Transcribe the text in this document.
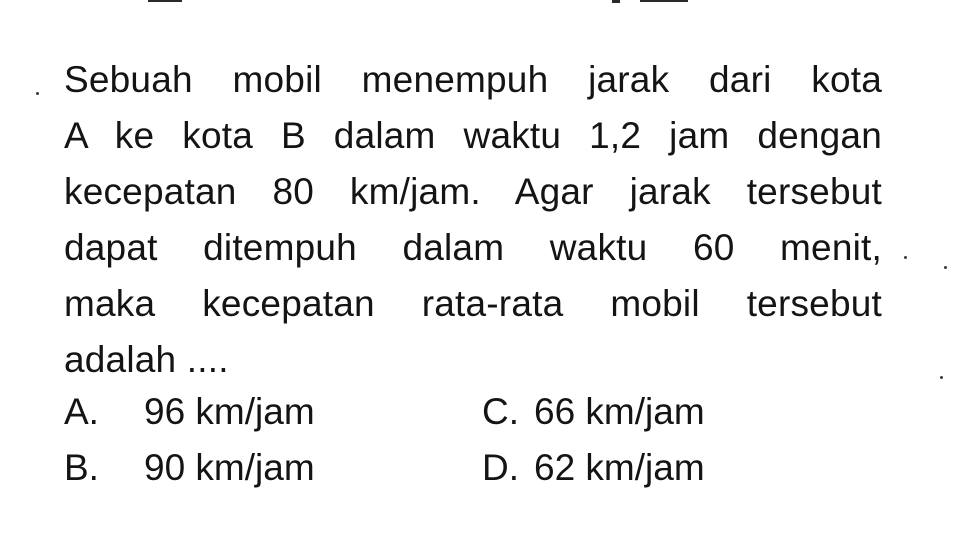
Sebuah mobil menempuh jarak dari kota
A ke kota B dalam waktu 1,2 jam dengan
kecepatan 80 km/jam. Agar jarak tersebut
dapat ditempuh dalam waktu 60 menit,
maka kecepatan rata-rata mobil tersebut
adalah ....
A. 96 km/jam
B. 90 km/jam
C. 66 km/jam
D. 62 km/jam
